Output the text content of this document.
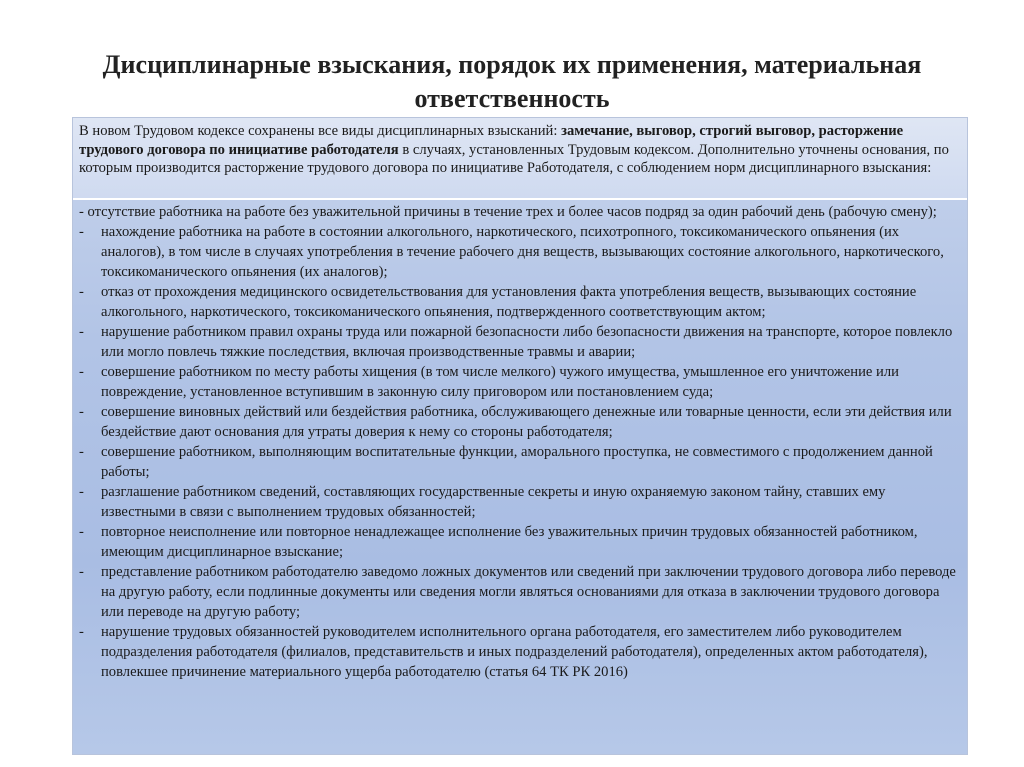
Дисциплинарные взыскания, порядок их применения, материальная ответственность
В новом Трудовом кодексе сохранены все виды дисциплинарных взысканий: замечание, выговор, строгий выговор, расторжение трудового договора по инициативе работодателя в случаях, установленных Трудовым кодексом. Дополнительно уточнены основания, по которым производится расторжение трудового договора по инициативе Работодателя, с соблюдением норм дисциплинарного взыскания:
- отсутствие работника на работе без уважительной причины в течение трех и более часов подряд за один рабочий день (рабочую смену);
- нахождение работника на работе в состоянии алкогольного, наркотического, психотропного, токсикоманического опьянения (их аналогов), в том числе в случаях употребления в течение рабочего дня веществ, вызывающих состояние алкогольного, наркотического, токсикоманического опьянения (их аналогов);
- отказ от прохождения медицинского освидетельствования для установления факта употребления веществ, вызывающих состояние алкогольного, наркотического, токсикоманического опьянения, подтвержденного соответствующим актом;
- нарушение работником правил охраны труда или пожарной безопасности либо безопасности движения на транспорте, которое повлекло или могло повлечь тяжкие последствия, включая производственные травмы и аварии;
- совершение работником по месту работы хищения (в том числе мелкого) чужого имущества, умышленное его уничтожение или повреждение, установленное вступившим в законную силу приговором или постановлением суда;
- совершение виновных действий или бездействия работника, обслуживающего денежные или товарные ценности, если эти действия или бездействие дают основания для утраты доверия к нему со стороны работодателя;
- совершение работником, выполняющим воспитательные функции, аморального проступка, не совместимого с продолжением данной работы;
- разглашение работником сведений, составляющих государственные секреты и иную охраняемую законом тайну, ставших ему известными в связи с выполнением трудовых обязанностей;
- повторное неисполнение или повторное ненадлежащее исполнение без уважительных причин трудовых обязанностей работником, имеющим дисциплинарное взыскание;
- представление работником работодателю заведомо ложных документов или сведений при заключении трудового договора либо переводе на другую работу, если подлинные документы или сведения могли являться основаниями для отказа в заключении трудового договора или переводе на другую работу;
- нарушение трудовых обязанностей руководителем исполнительного органа работодателя, его заместителем либо руководителем подразделения работодателя (филиалов, представительств и иных подразделений работодателя), определенных актом работодателя), повлекшее причинение материального ущерба работодателю (статья 64 ТК РК 2016)
